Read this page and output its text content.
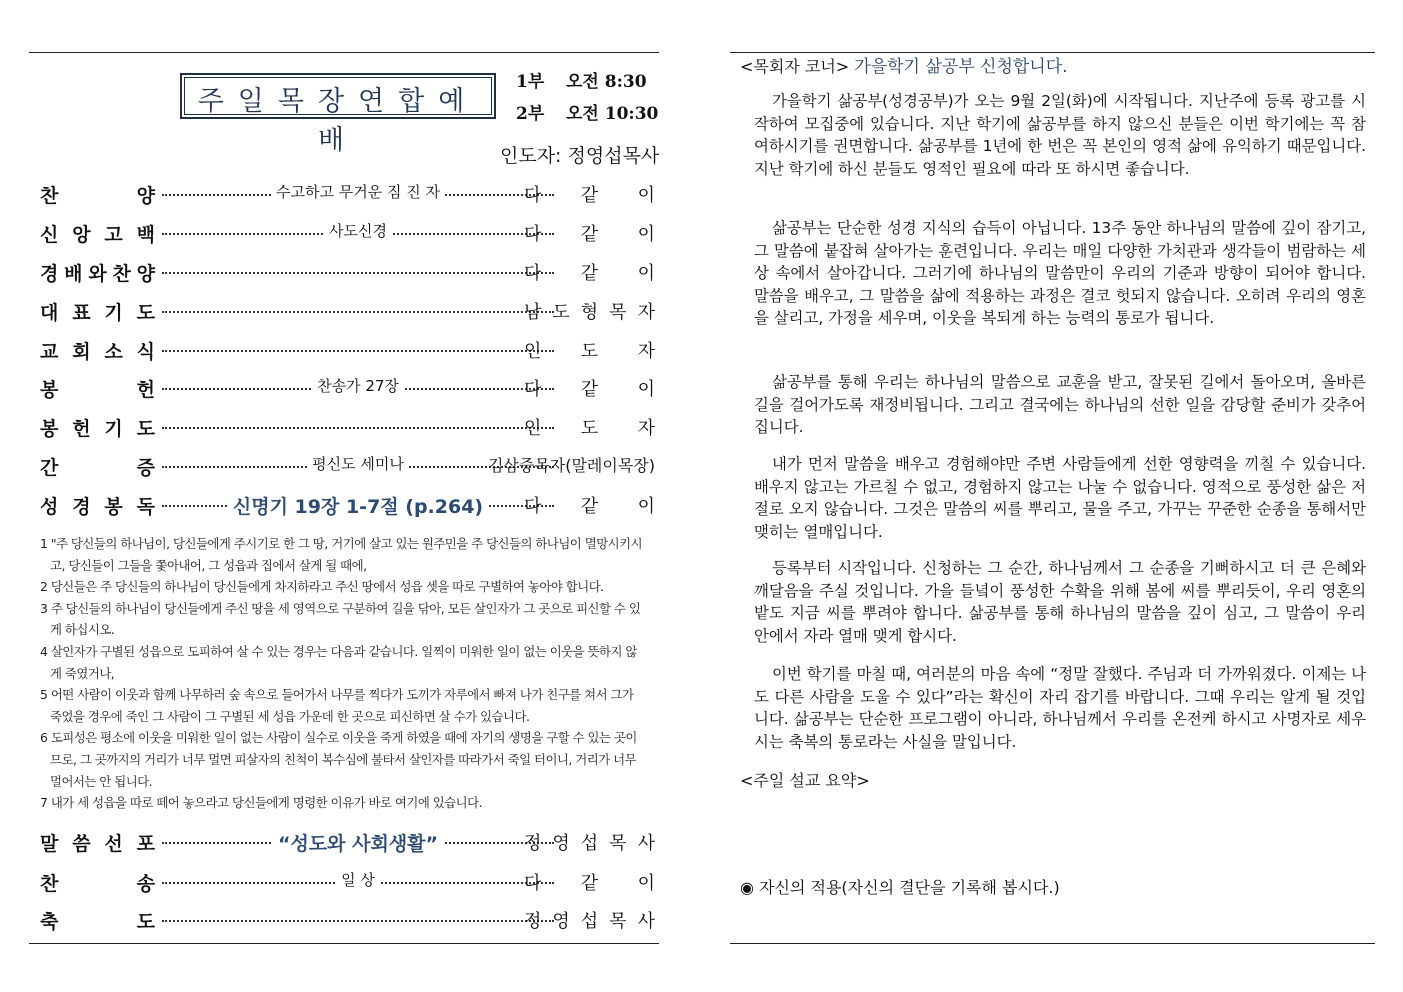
주일목장연합예배
1부 오전 8:30
2부 오전 10:30
인도자: 정영섭목사
찬	양	수고하고 무거운 짐 진 자	다 같 이
신 앙 고 백	사도신경	다 같 이
경 배 와 찬 양	다 같 이
대 표 기 도	남 도 형 목 자
교 회 소 식	인 도 자
봉	헌	찬송가 27장	다 같 이
봉 헌 기 도	인 도 자
간	증	평신도 세미나	김삼중목자(말레이목장)
성 경 봉 독	신명기 19장 1-7절 (p.264)	다 같 이
1 "주 당신들의 하나님이, 당신들에게 주시기로 한 그 땅, 거기에 살고 있는 원주민을 주 당신들의 하나님이 멸망시키시고, 당신들이 그들을 쫓아내어, 그 성읍과 집에서 살게 될 때에,
2 당신들은 주 당신들의 하나님이 당신들에게 차지하라고 주신 땅에서 성읍 셋을 따로 구별하여 놓아야 합니다.
3 주 당신들의 하나님이 당신들에게 주신 땅을 세 영역으로 구분하여 길을 닦아, 모든 살인자가 그 곳으로 피신할 수 있게 하십시오.
4 살인자가 구별된 성읍으로 도피하여 살 수 있는 경우는 다음과 같습니다. 일찍이 미워한 일이 없는 이웃을 뜻하지 않게 죽였거나,
5 어떤 사람이 이웃과 함께 나무하러 숲 속으로 들어가서 나무를 찍다가 도끼가 자루에서 빠져 나가 친구를 쳐서 그가 죽었을 경우에 죽인 그 사람이 그 구별된 세 성읍 가운데 한 곳으로 피신하면 살 수가 있습니다.
6 도피성은 평소에 이웃을 미워한 일이 없는 사람이 실수로 이웃을 죽게 하였을 때에 자기의 생명을 구할 수 있는 곳이므로, 그 곳까지의 거리가 너무 멀면 피살자의 친척이 복수심에 불타서 살인자를 따라가서 죽일 터이니, 거리가 너무 멀어서는 안 됩니다.
7 내가 세 성읍을 따로 떼어 놓으라고 당신들에게 명령한 이유가 바로 여기에 있습니다.
말 씀 선 포	“성도와 사회생활”	정 영 섭 목 사
찬	송	일 상	다 같 이
축	도	정 영 섭 목 사
<목회자 코너> 가을학기 삶공부 신청합니다.
가을학기 삶공부(성경공부)가 오는 9월 2일(화)에 시작됩니다. 지난주에 등록 광고를 시작하여 모집중에 있습니다. 지난 학기에 삶공부를 하지 않으신 분들은 이번 학기에는 꼭 참여하시기를 권면합니다. 삶공부를 1년에 한 번은 꼭 본인의 영적 삶에 유익하기 때문입니다. 지난 학기에 하신 분들도 영적인 필요에 따라 또 하시면 좋습니다.
삶공부는 단순한 성경 지식의 습득이 아닙니다. 13주 동안 하나님의 말씀에 깊이 잠기고, 그 말씀에 붙잡혀 살아가는 훈련입니다. 우리는 매일 다양한 가치관과 생각들이 범람하는 세상 속에서 살아갑니다. 그러기에 하나님의 말씀만이 우리의 기준과 방향이 되어야 합니다. 말씀을 배우고, 그 말씀을 삶에 적용하는 과정은 결코 헛되지 않습니다. 오히려 우리의 영혼을 살리고, 가정을 세우며, 이웃을 복되게 하는 능력의 통로가 됩니다.
삶공부를 통해 우리는 하나님의 말씀으로 교훈을 받고, 잘못된 길에서 돌아오며, 올바른 길을 걸어가도록 재정비됩니다. 그리고 결국에는 하나님의 선한 일을 감당할 준비가 갖추어집니다.
내가 먼저 말씀을 배우고 경험해야만 주변 사람들에게 선한 영향력을 끼칠 수 있습니다. 배우지 않고는 가르칠 수 없고, 경험하지 않고는 나눌 수 없습니다. 영적으로 풍성한 삶은 저절로 오지 않습니다. 그것은 말씀의 씨를 뿌리고, 물을 주고, 가꾸는 꾸준한 순종을 통해서만 맺히는 열매입니다.
등록부터 시작입니다. 신청하는 그 순간, 하나님께서 그 순종을 기뻐하시고 더 큰 은혜와 깨달음을 주실 것입니다. 가을 들녘이 풍성한 수확을 위해 봄에 씨를 뿌리듯이, 우리 영혼의 밭도 지금 씨를 뿌려야 합니다. 삶공부를 통해 하나님의 말씀을 깊이 심고, 그 말씀이 우리 안에서 자라 열매 맺게 합시다.
이번 학기를 마칠 때, 여러분의 마음 속에 “정말 잘했다. 주님과 더 가까워졌다. 이제는 나도 다른 사람을 도울 수 있다”라는 확신이 자리 잡기를 바랍니다. 그때 우리는 알게 될 것입니다. 삶공부는 단순한 프로그램이 아니라, 하나님께서 우리를 온전케 하시고 사명자로 세우시는 축복의 통로라는 사실을 말입니다.
<주일 설교 요약>
◉ 자신의 적용(자신의 결단을 기록해 봅시다.)
